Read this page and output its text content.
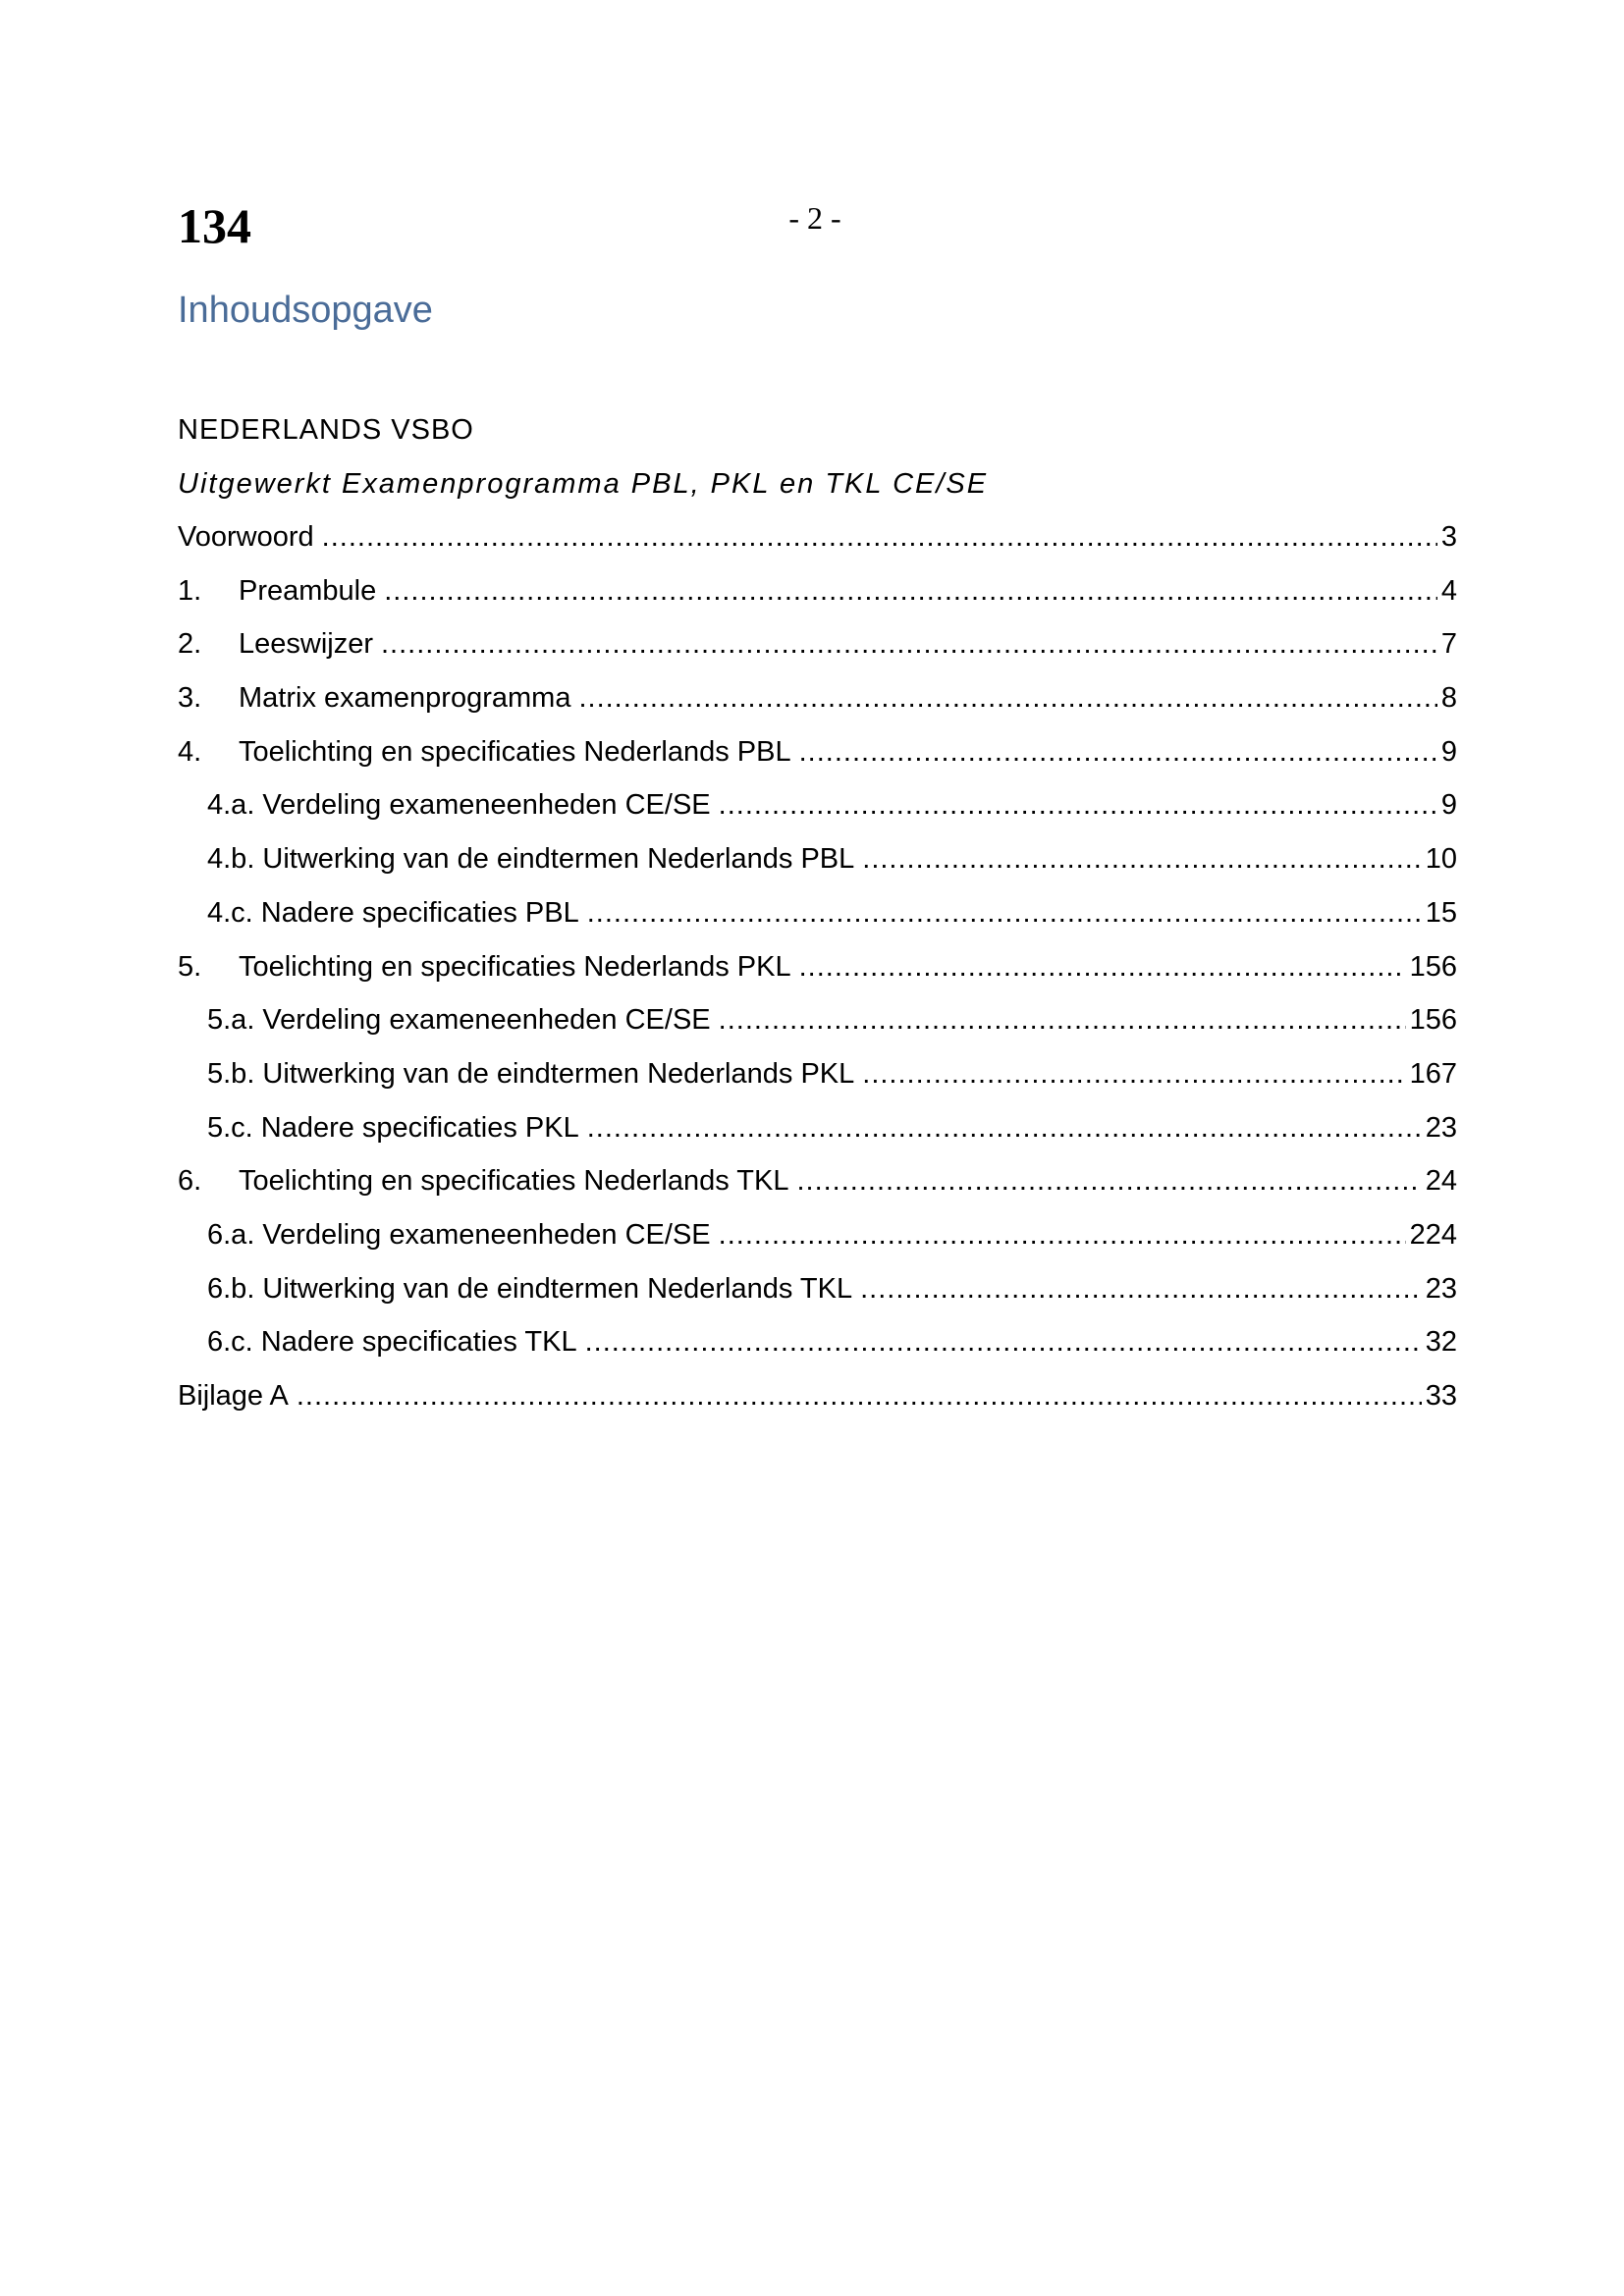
134	- 2 -
Inhoudsopgave
NEDERLANDS VSBO
Uitgewerkt Examenprogramma PBL, PKL en TKL CE/SE
Voorwoord .....	3
1.	Preambule .....	4
2.	Leeswijzer .....	7
3.	Matrix examenprogramma .....	8
4.	Toelichting en specificaties Nederlands PBL .....	9
4.a. Verdeling exameneenheden CE/SE .....	9
4.b. Uitwerking van de eindtermen Nederlands PBL .....	10
4.c. Nadere specificaties PBL .....	15
5.	Toelichting en specificaties Nederlands PKL .....	156
5.a. Verdeling exameneenheden CE/SE .....	156
5.b. Uitwerking van de eindtermen Nederlands PKL .....	167
5.c. Nadere specificaties PKL .....	23
6.	Toelichting en specificaties Nederlands TKL .....	24
6.a. Verdeling exameneenheden CE/SE .....	224
6.b. Uitwerking van de eindtermen Nederlands TKL .....	23
6.c. Nadere specificaties TKL .....	32
Bijlage A .....	33
